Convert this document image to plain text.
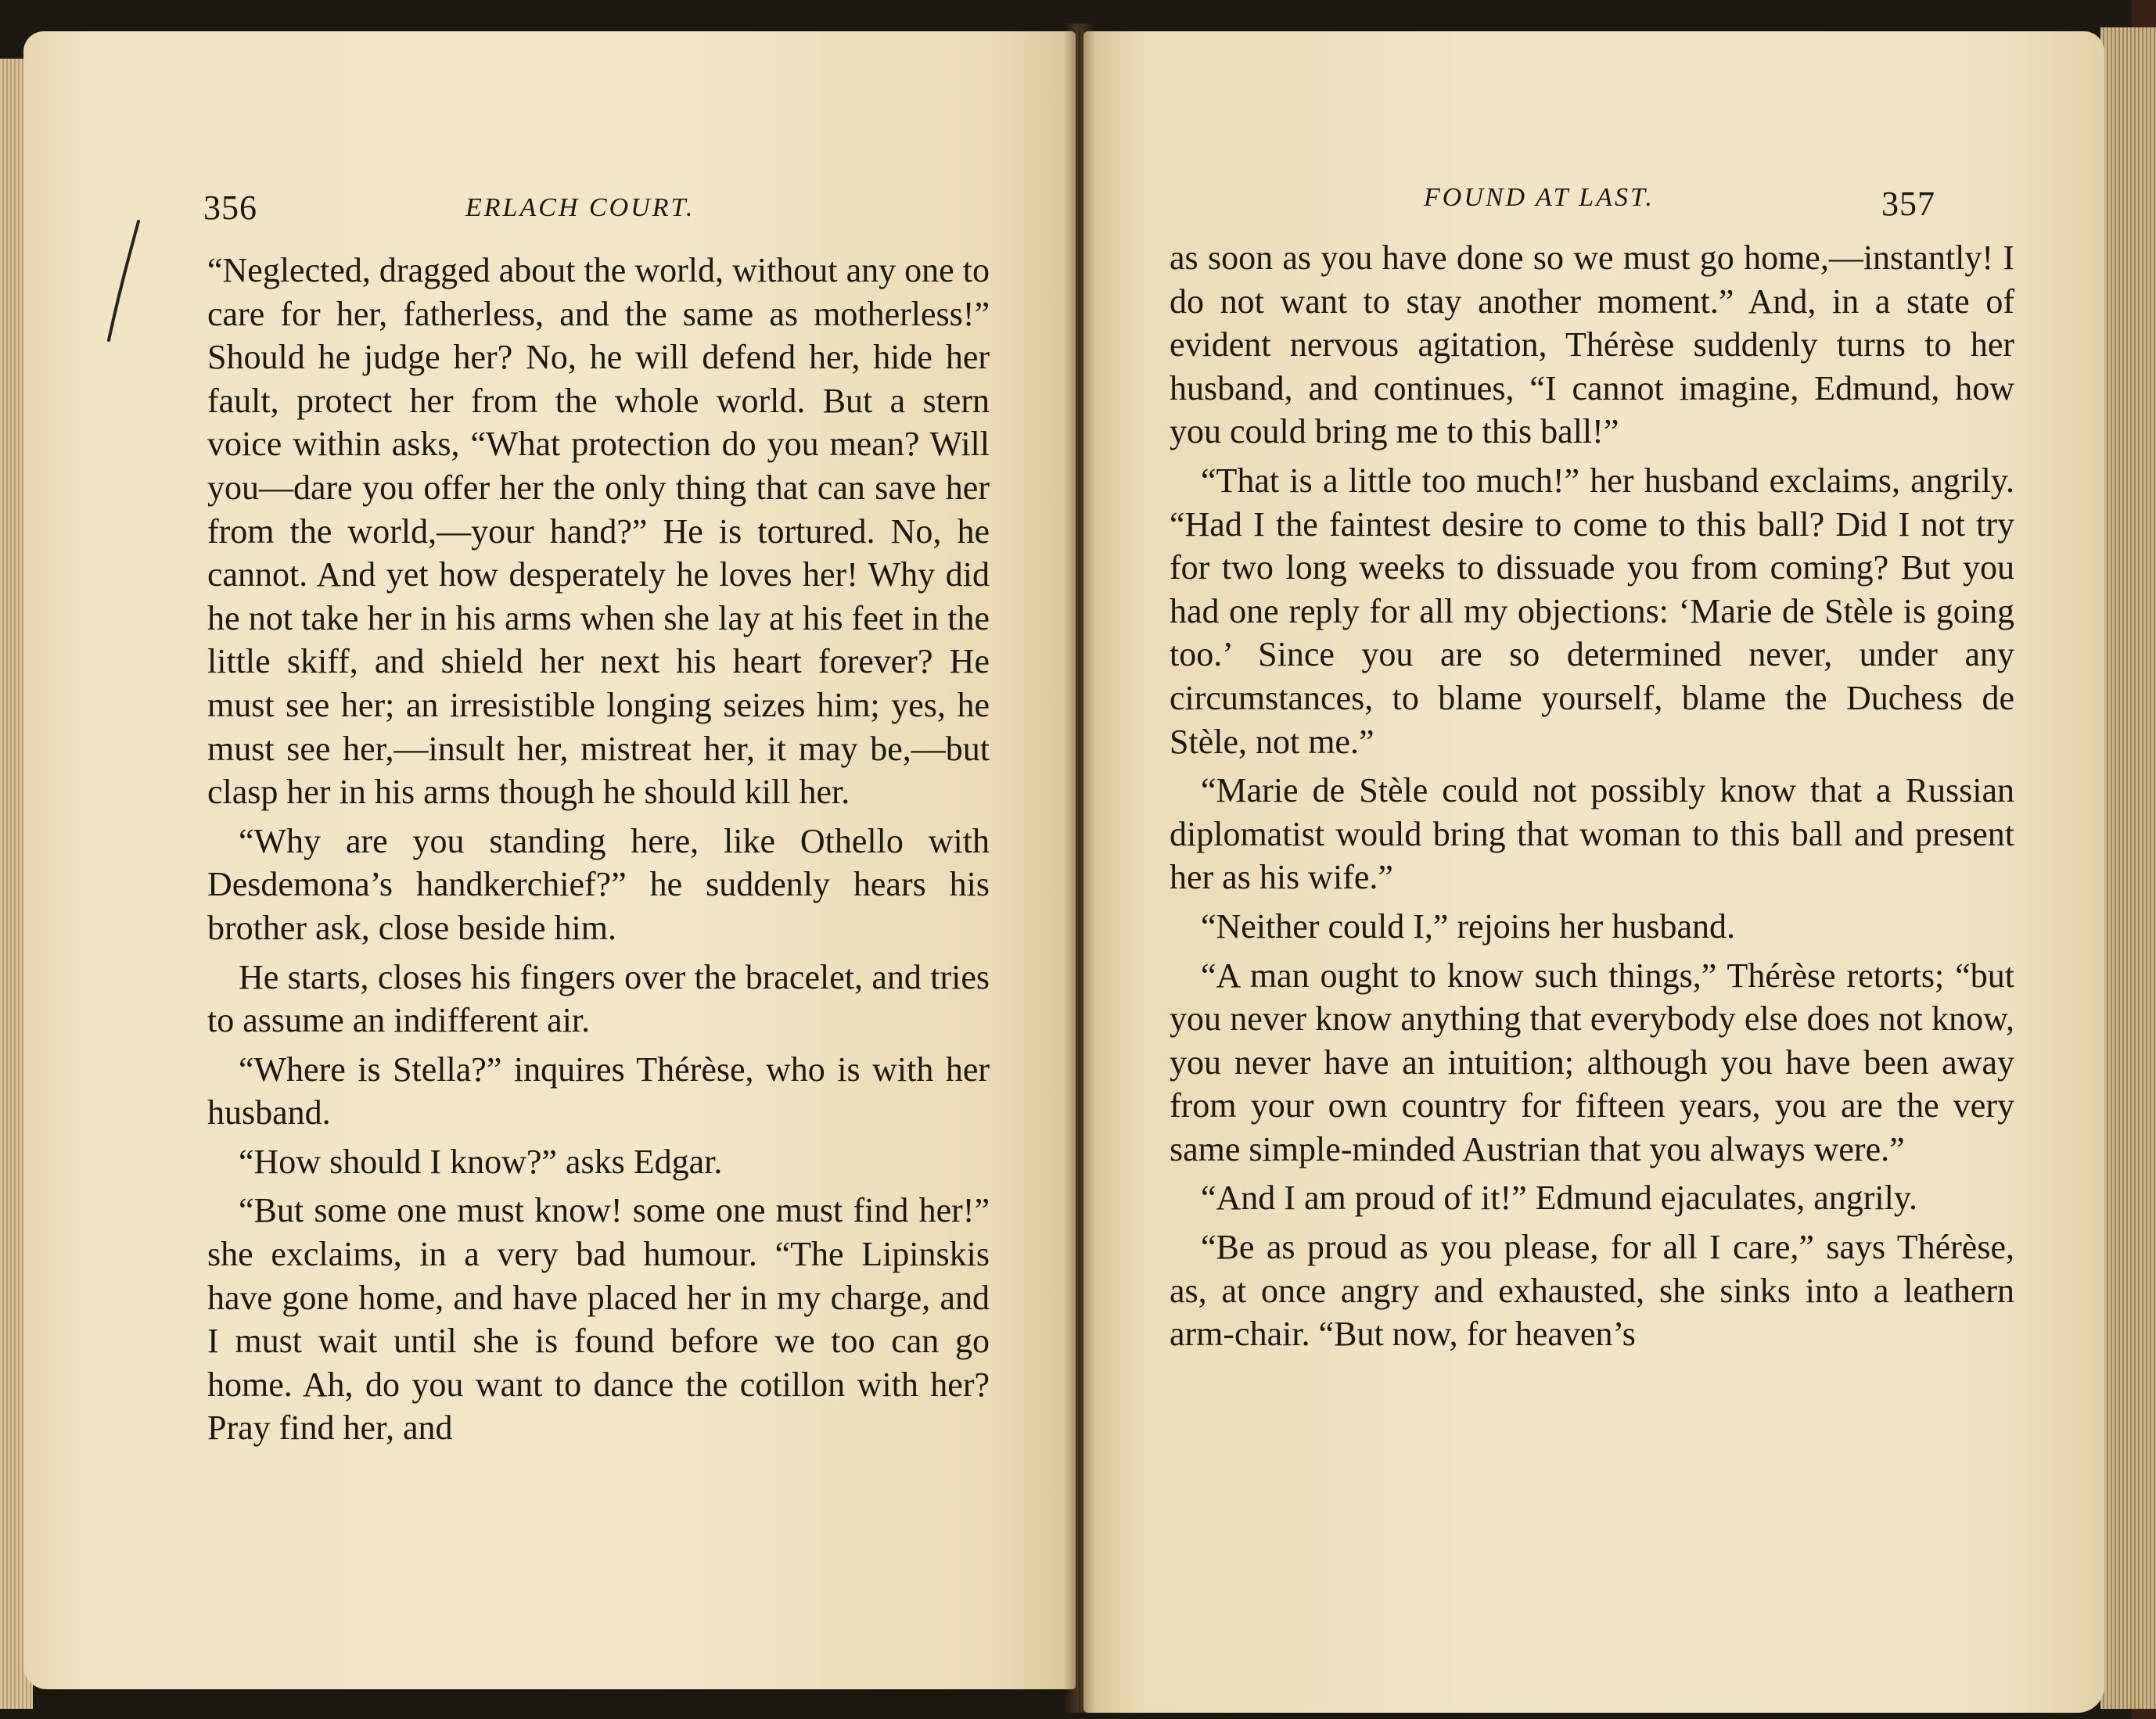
356	ERLACH COURT.

“Neglected, dragged about the world, without any one to care for her, fatherless, and the same as motherless!” Should he judge her? No, he will defend her, hide her fault, protect her from the whole world. But a stern voice within asks, “What protection do you mean? Will you—dare you offer her the only thing that can save her from the world,—your hand?” He is tortured. No, he cannot. And yet how desperately he loves her! Why did he not take her in his arms when she lay at his feet in the little skiff, and shield her next his heart forever? He must see her; an irresistible longing seizes him; yes, he must see her,—insult her, mistreat her, it may be,—but clasp her in his arms though he should kill her.

“Why are you standing here, like Othello with Desdemona’s handkerchief?” he suddenly hears his brother ask, close beside him.

He starts, closes his fingers over the bracelet, and tries to assume an indifferent air.

“Where is Stella?” inquires Thérèse, who is with her husband.

“How should I know?” asks Edgar.

“But some one must know! some one must find her!” she exclaims, in a very bad humour. “The Lipinskis have gone home, and have placed her in my charge, and I must wait until she is found before we too can go home. Ah, do you want to dance the cotillon with her? Pray find her, and

FOUND AT LAST.	357

as soon as you have done so we must go home,—instantly! I do not want to stay another moment.” And, in a state of evident nervous agitation, Thérèse suddenly turns to her husband, and continues, “I cannot imagine, Edmund, how you could bring me to this ball!”

“That is a little too much!” her husband exclaims, angrily. “Had I the faintest desire to come to this ball? Did I not try for two long weeks to dissuade you from coming? But you had one reply for all my objections: ‘Marie de Stèle is going too.’ Since you are so determined never, under any circumstances, to blame yourself, blame the Duchess de Stèle, not me.”

“Marie de Stèle could not possibly know that a Russian diplomatist would bring that woman to this ball and present her as his wife.”

“Neither could I,” rejoins her husband.

“A man ought to know such things,” Thérèse retorts; “but you never know anything that everybody else does not know, you never have an intuition; although you have been away from your own country for fifteen years, you are the very same simple-minded Austrian that you always were.”

“And I am proud of it!” Edmund ejaculates, angrily.

“Be as proud as you please, for all I care,” says Thérèse, as, at once angry and exhausted, she sinks into a leathern arm-chair. “But now, for heaven’s
